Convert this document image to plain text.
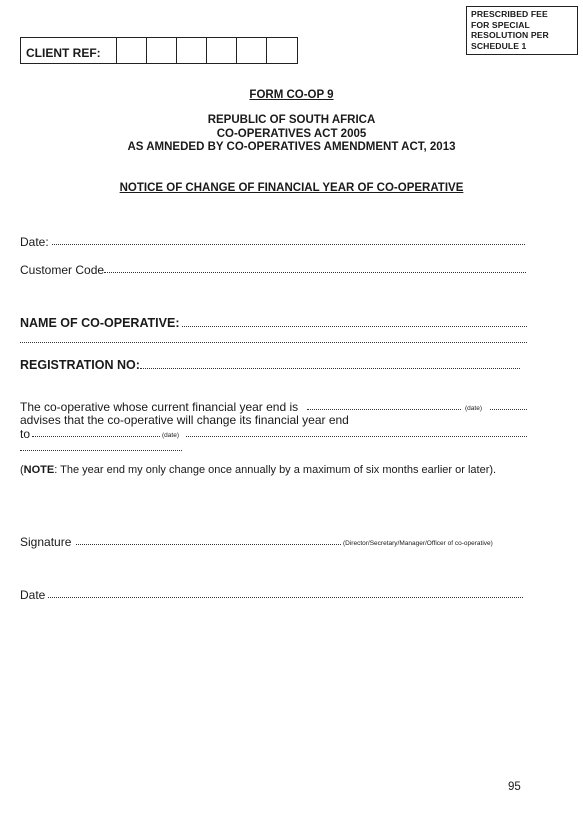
PRESCRIBED FEE
FOR SPECIAL
RESOLUTION PER
SCHEDULE 1
CLIENT REF:
FORM CO-OP 9
REPUBLIC OF SOUTH AFRICA
CO-OPERATIVES ACT 2005
AS AMNEDED BY CO-OPERATIVES AMENDMENT ACT, 2013
NOTICE OF CHANGE OF FINANCIAL YEAR OF CO-OPERATIVE
Date:
Customer Code
NAME OF CO-OPERATIVE:
REGISTRATION NO:
The co-operative whose current financial year end is	(date)
advises that the co-operative will change its financial year end
to	(date)
(NOTE: The year end my only change once annually by a maximum of six months earlier or later).
Signature	(Director/Secretary/Manager/Officer of co-operative)
Date
95
